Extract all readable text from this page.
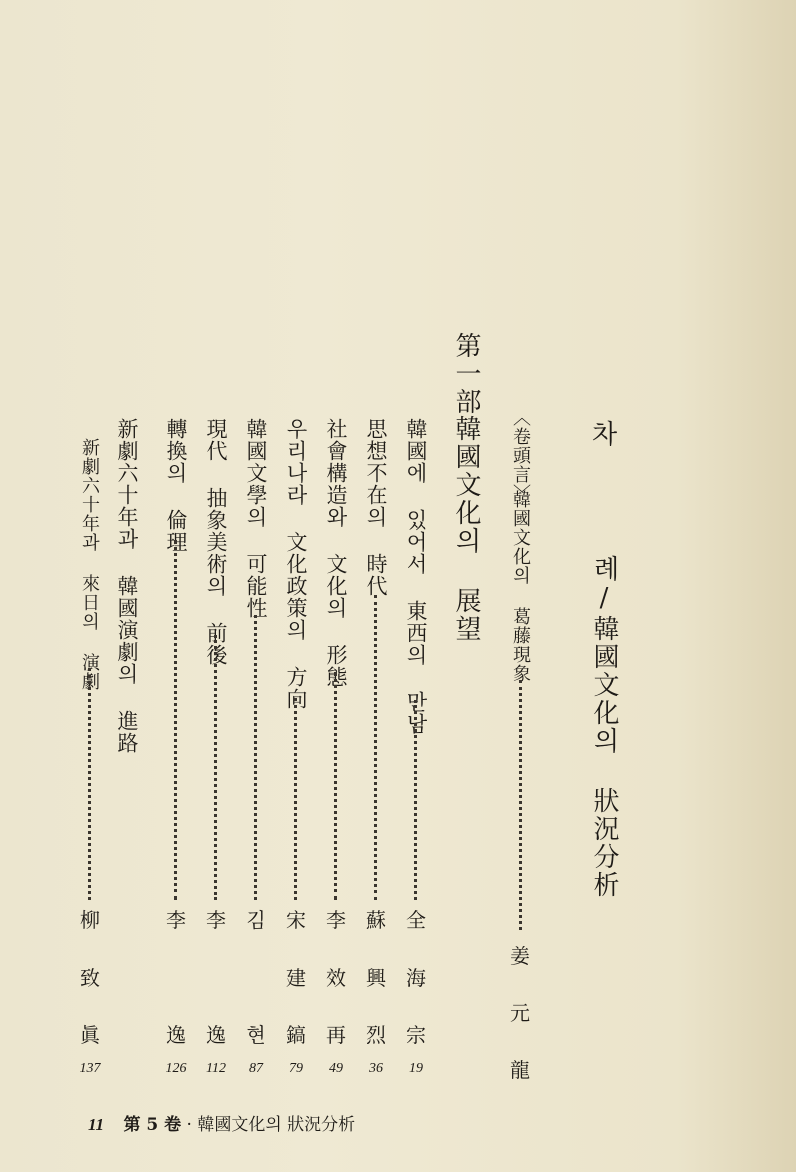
차
례/韓國文化의 狀況分析
〈卷頭言〉
韓國文化의 葛藤現象
姜
元
龍
第一部
韓國文化의 展望
韓國에 있어서 東西의 만남
全
海
宗
19
思想不在의 時代
蘇
興
烈
36
社會構造와 文化의 形態
李
效
再
49
우리나라 文化政策의 方向
宋
建
鎬
79
韓國文學의 可能性
김
현
87
現代 抽象美術의 前後
李
逸
112
轉換의 倫理
李
逸
126
新劇六十年과 韓國演劇의 進路
新劇六十年과 來日의 演劇
柳
致
眞
137
11 第 5 卷 · 韓國文化의 狀況分析
